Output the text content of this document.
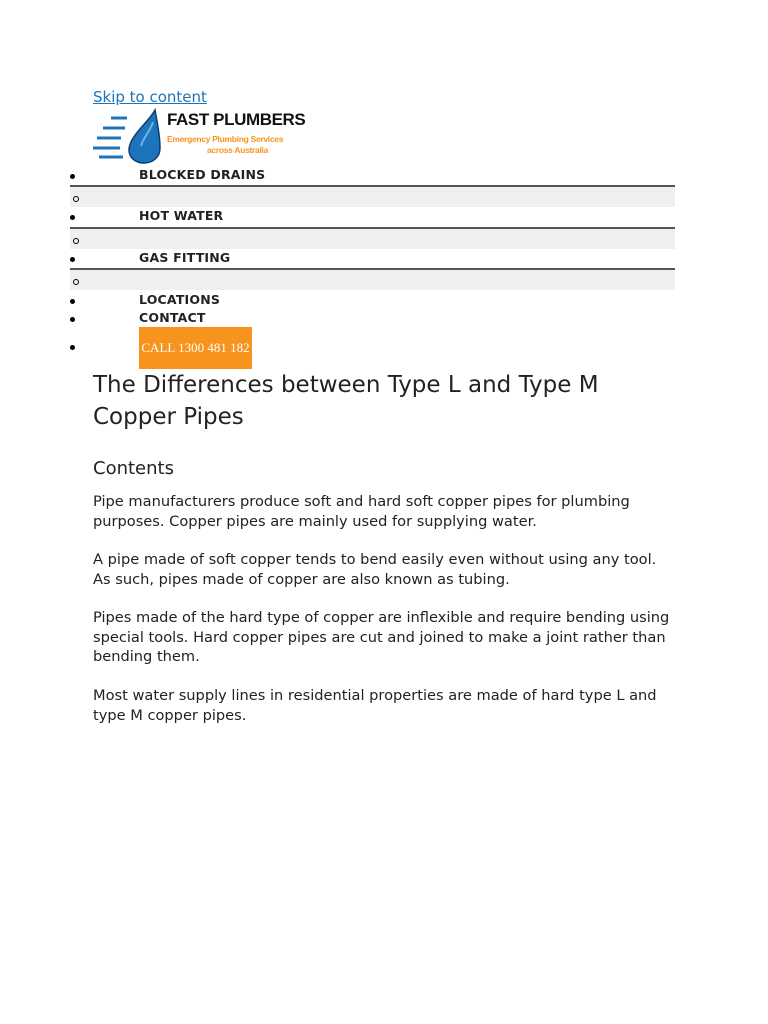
Skip to content
FAST PLUMBERS
Emergency Plumbing Services
across Australia
BLOCKED DRAINS
HOT WATER
GAS FITTING
LOCATIONS
CONTACT
CALL 1300 481 182
The Differences between Type L and Type M Copper Pipes
Contents

Pipe manufacturers produce soft and hard soft copper pipes for plumbing purposes. Copper pipes are mainly used for supplying water.

A pipe made of soft copper tends to bend easily even without using any tool. As such, pipes made of copper are also known as tubing.

Pipes made of the hard type of copper are inflexible and require bending using special tools. Hard copper pipes are cut and joined to make a joint rather than bending them.

Most water supply lines in residential properties are made of hard type L and type M copper pipes.
